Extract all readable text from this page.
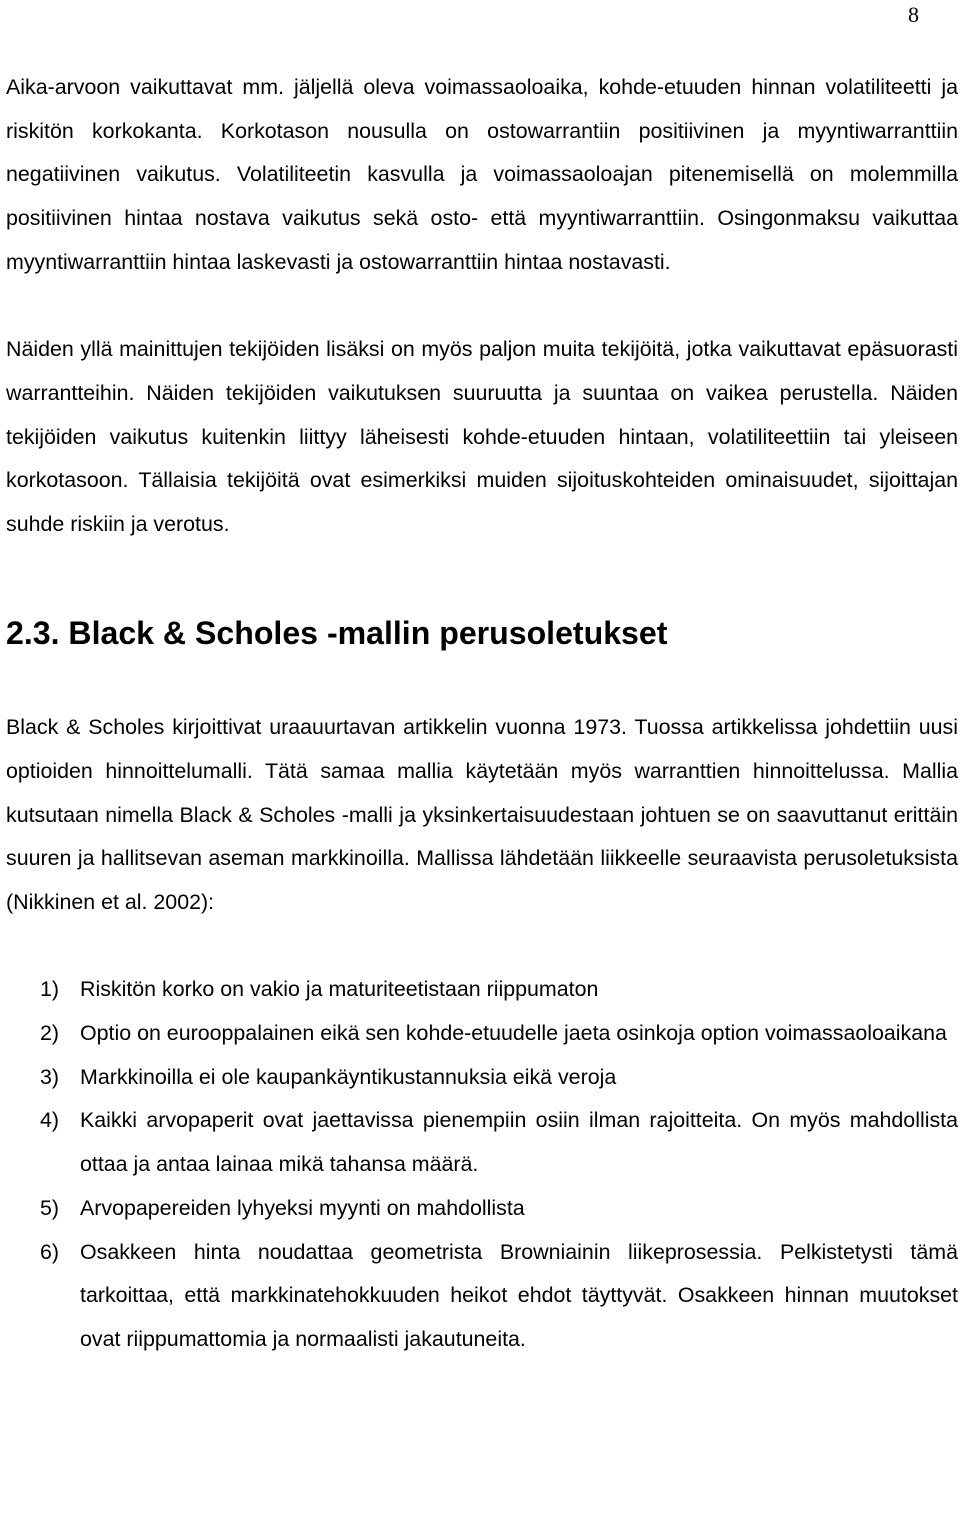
8

Aika-arvoon vaikuttavat mm. jäljellä oleva voimassaoloaika, kohde-etuuden hinnan volatiliteetti ja riskitön korkokanta. Korkotason nousulla on ostowarrantiin positiivinen ja myyntiwarranttiin negatiivinen vaikutus. Volatiliteetin kasvulla ja voimassaoloajan pitenemisellä on molemmilla positiivinen hintaa nostava vaikutus sekä osto- että myyntiwarranttiin. Osingonmaksu vaikuttaa myyntiwarranttiin hintaa laskevasti ja ostowarranttiin hintaa nostavasti.

Näiden yllä mainittujen tekijöiden lisäksi on myös paljon muita tekijöitä, jotka vaikuttavat epäsuorasti warrantteihin. Näiden tekijöiden vaikutuksen suuruutta ja suuntaa on vaikea perustella. Näiden tekijöiden vaikutus kuitenkin liittyy läheisesti kohde-etuuden hintaan, volatiliteettiin tai yleiseen korkotasoon. Tällaisia tekijöitä ovat esimerkiksi muiden sijoituskohteiden ominaisuudet, sijoittajan suhde riskiin ja verotus.

2.3. Black & Scholes -mallin perusoletukset

Black & Scholes kirjoittivat uraauurtavan artikkelin vuonna 1973. Tuossa artikkelissa johdettiin uusi optioiden hinnoittelumalli. Tätä samaa mallia käytetään myös warranttien hinnoittelussa. Mallia kutsutaan nimella Black & Scholes -malli ja yksinkertaisuudestaan johtuen se on saavuttanut erittäin suuren ja hallitsevan aseman markkinoilla. Mallissa lähdetään liikkeelle seuraavista perusoletuksista (Nikkinen et al. 2002):

1) Riskitön korko on vakio ja maturiteetistaan riippumaton
2) Optio on eurooppalainen eikä sen kohde-etuudelle jaeta osinkoja option voimassaoloaikana
3) Markkinoilla ei ole kaupankäyntikustannuksia eikä veroja
4) Kaikki arvopaperit ovat jaettavissa pienempiin osiin ilman rajoitteita. On myös mahdollista ottaa ja antaa lainaa mikä tahansa määrä.
5) Arvopapereiden lyhyeksi myynti on mahdollista
6) Osakkeen hinta noudattaa geometrista Browniainin liikeprosessia. Pelkistetysti tämä tarkoittaa, että markkinatehokkuuden heikot ehdot täyttyvät. Osakkeen hinnan muutokset ovat riippumattomia ja normaalisti jakautuneita.
